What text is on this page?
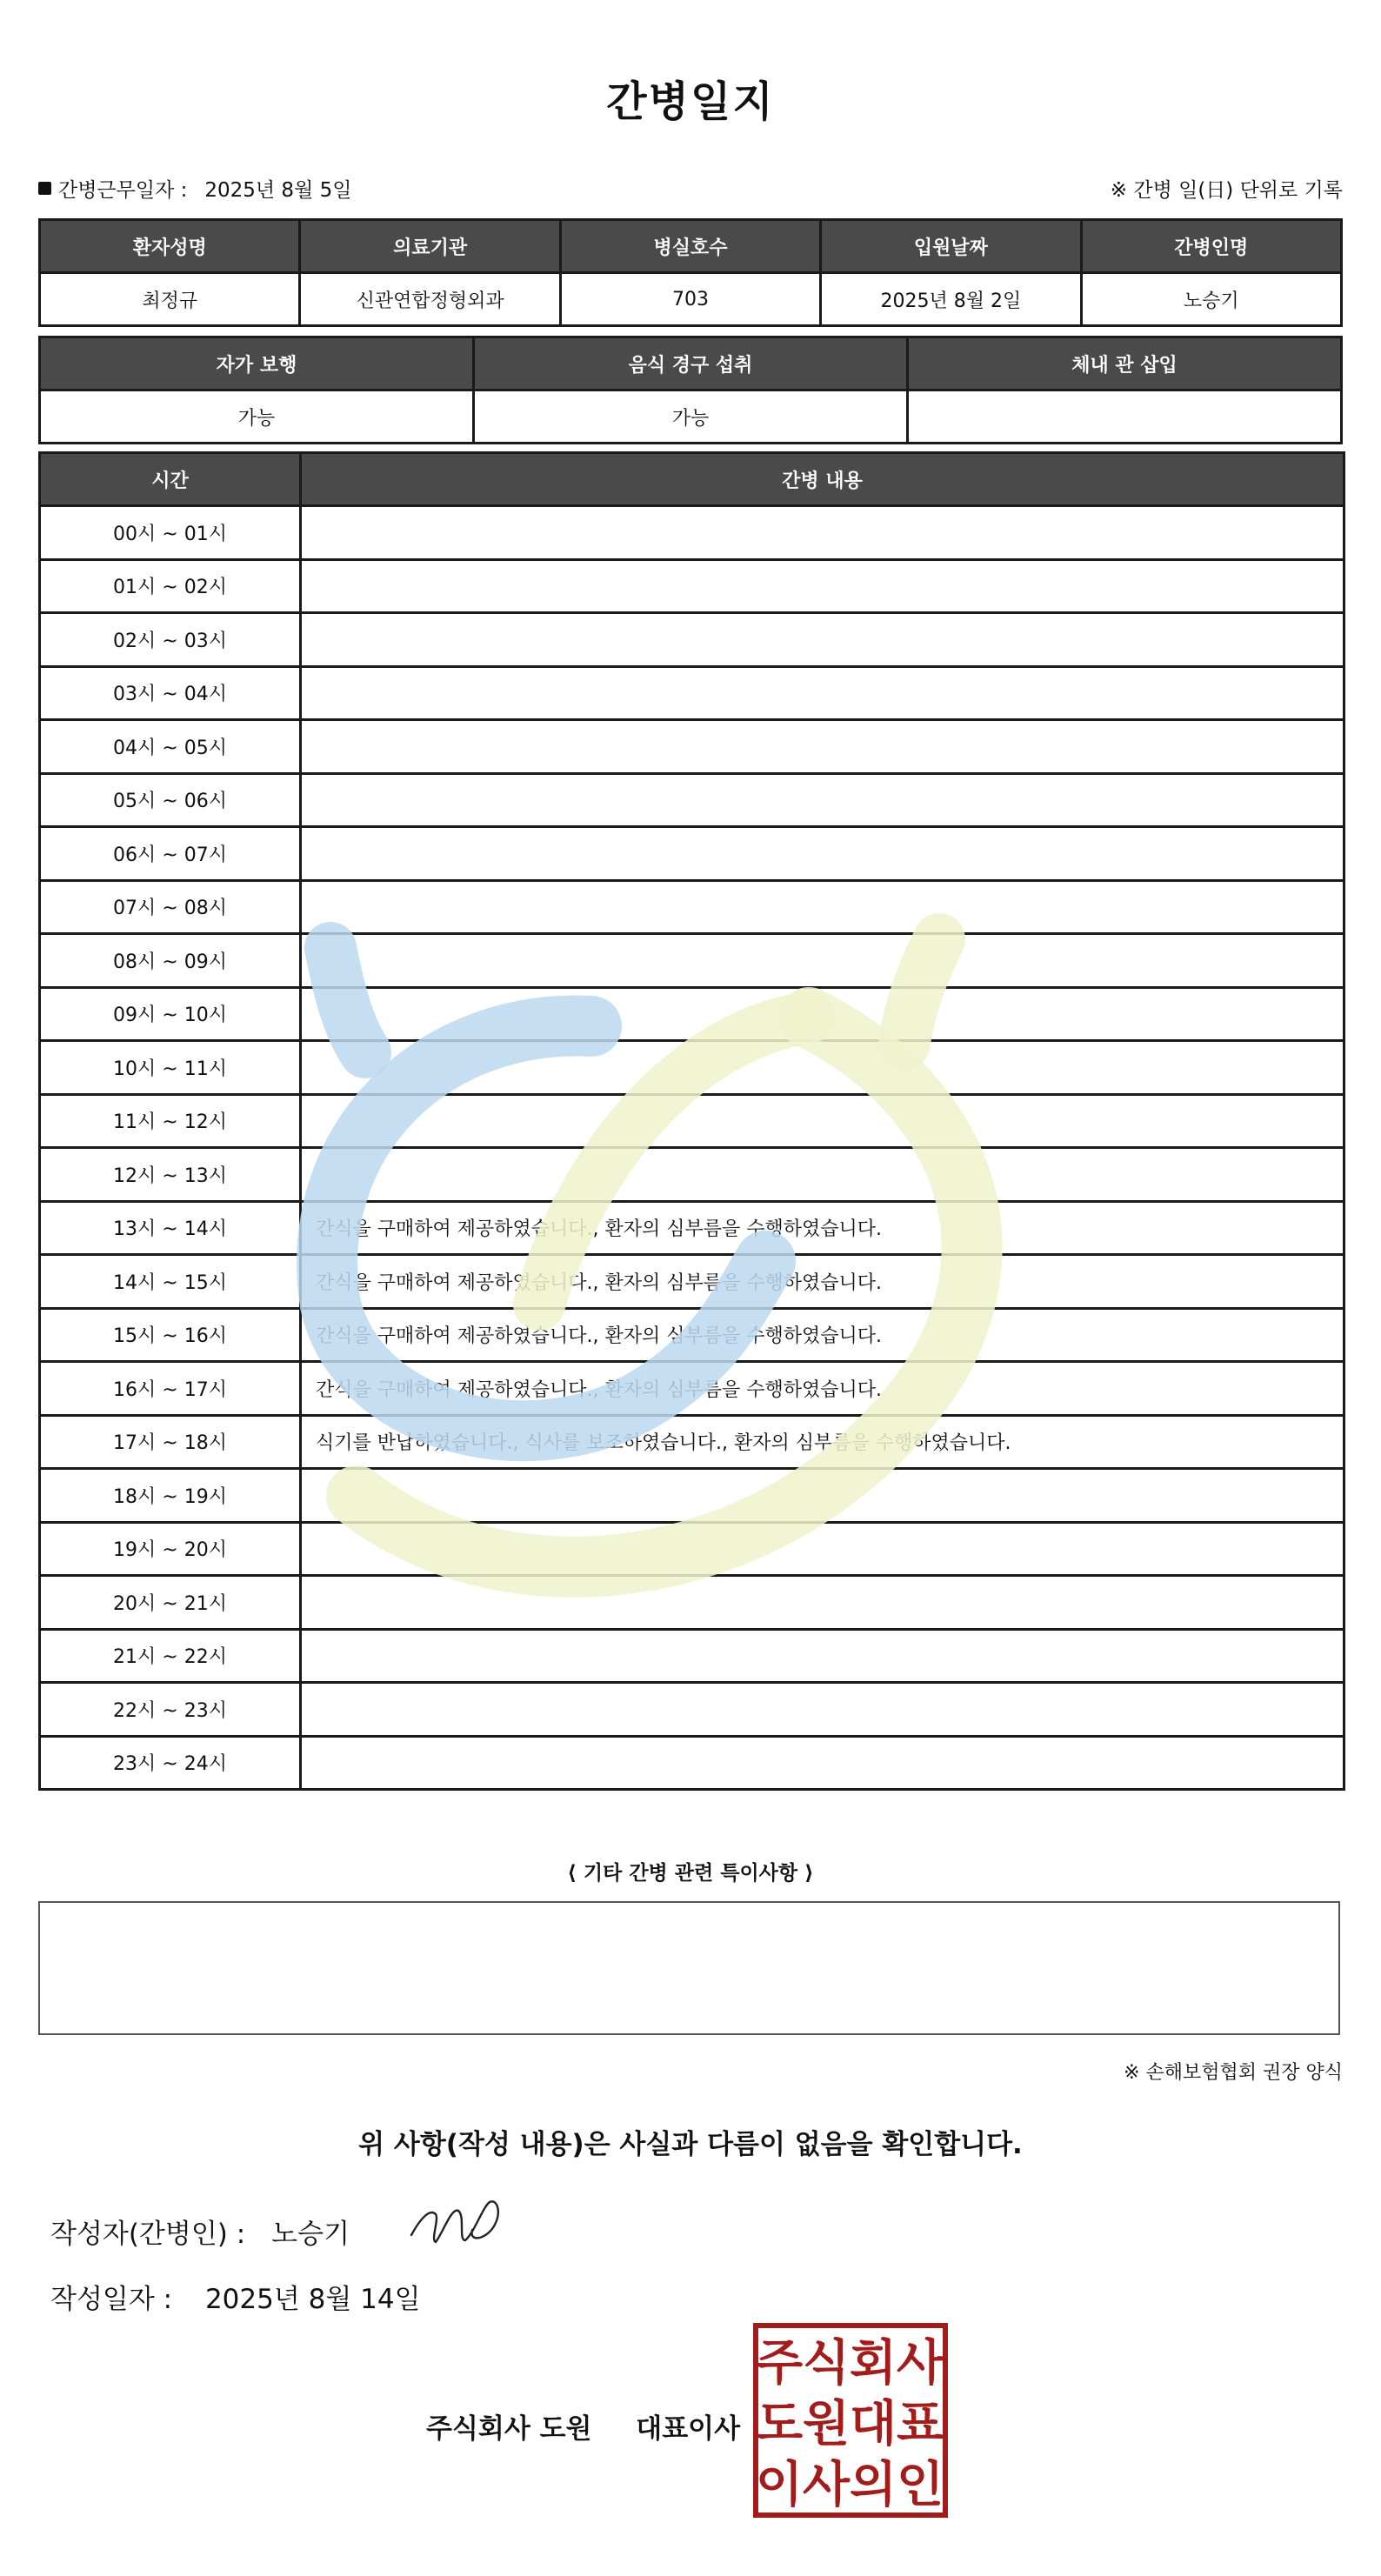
간병일지
간병근무일자 : 2025년 8월 5일	※ 간병 일(日) 단위로 기록
환자성명	의료기관	병실호수	입원날짜	간병인명
최정규	신관연합정형외과	703	2025년 8월 2일	노승기
자가 보행	음식 경구 섭취	체내 관 삽입
가능	가능	
시간	간병 내용
00시 ~ 01시	
01시 ~ 02시	
02시 ~ 03시	
03시 ~ 04시	
04시 ~ 05시	
05시 ~ 06시	
06시 ~ 07시	
07시 ~ 08시	
08시 ~ 09시	
09시 ~ 10시	
10시 ~ 11시	
11시 ~ 12시	
12시 ~ 13시	
13시 ~ 14시	간식을 구매하여 제공하였습니다., 환자의 심부름을 수행하였습니다.
14시 ~ 15시	간식을 구매하여 제공하였습니다., 환자의 심부름을 수행하였습니다.
15시 ~ 16시	간식을 구매하여 제공하였습니다., 환자의 심부름을 수행하였습니다.
16시 ~ 17시	간식을 구매하여 제공하였습니다., 환자의 심부름을 수행하였습니다.
17시 ~ 18시	식기를 반납하였습니다., 식사를 보조하였습니다., 환자의 심부름을 수행하였습니다.
18시 ~ 19시	
19시 ~ 20시	
20시 ~ 21시	
21시 ~ 22시	
22시 ~ 23시	
23시 ~ 24시	
⟨ 기타 간병 관련 특이사항 ⟩
※ 손해보험협회 권장 양식
위 사항(작성 내용)은 사실과 다름이 없음을 확인합니다.
작성자(간병인) : 노승기
작성일자 : 2025년 8월 14일
주식회사 도원 대표이사
주 식 회 사
도 원 대 표
이 사 의 인
